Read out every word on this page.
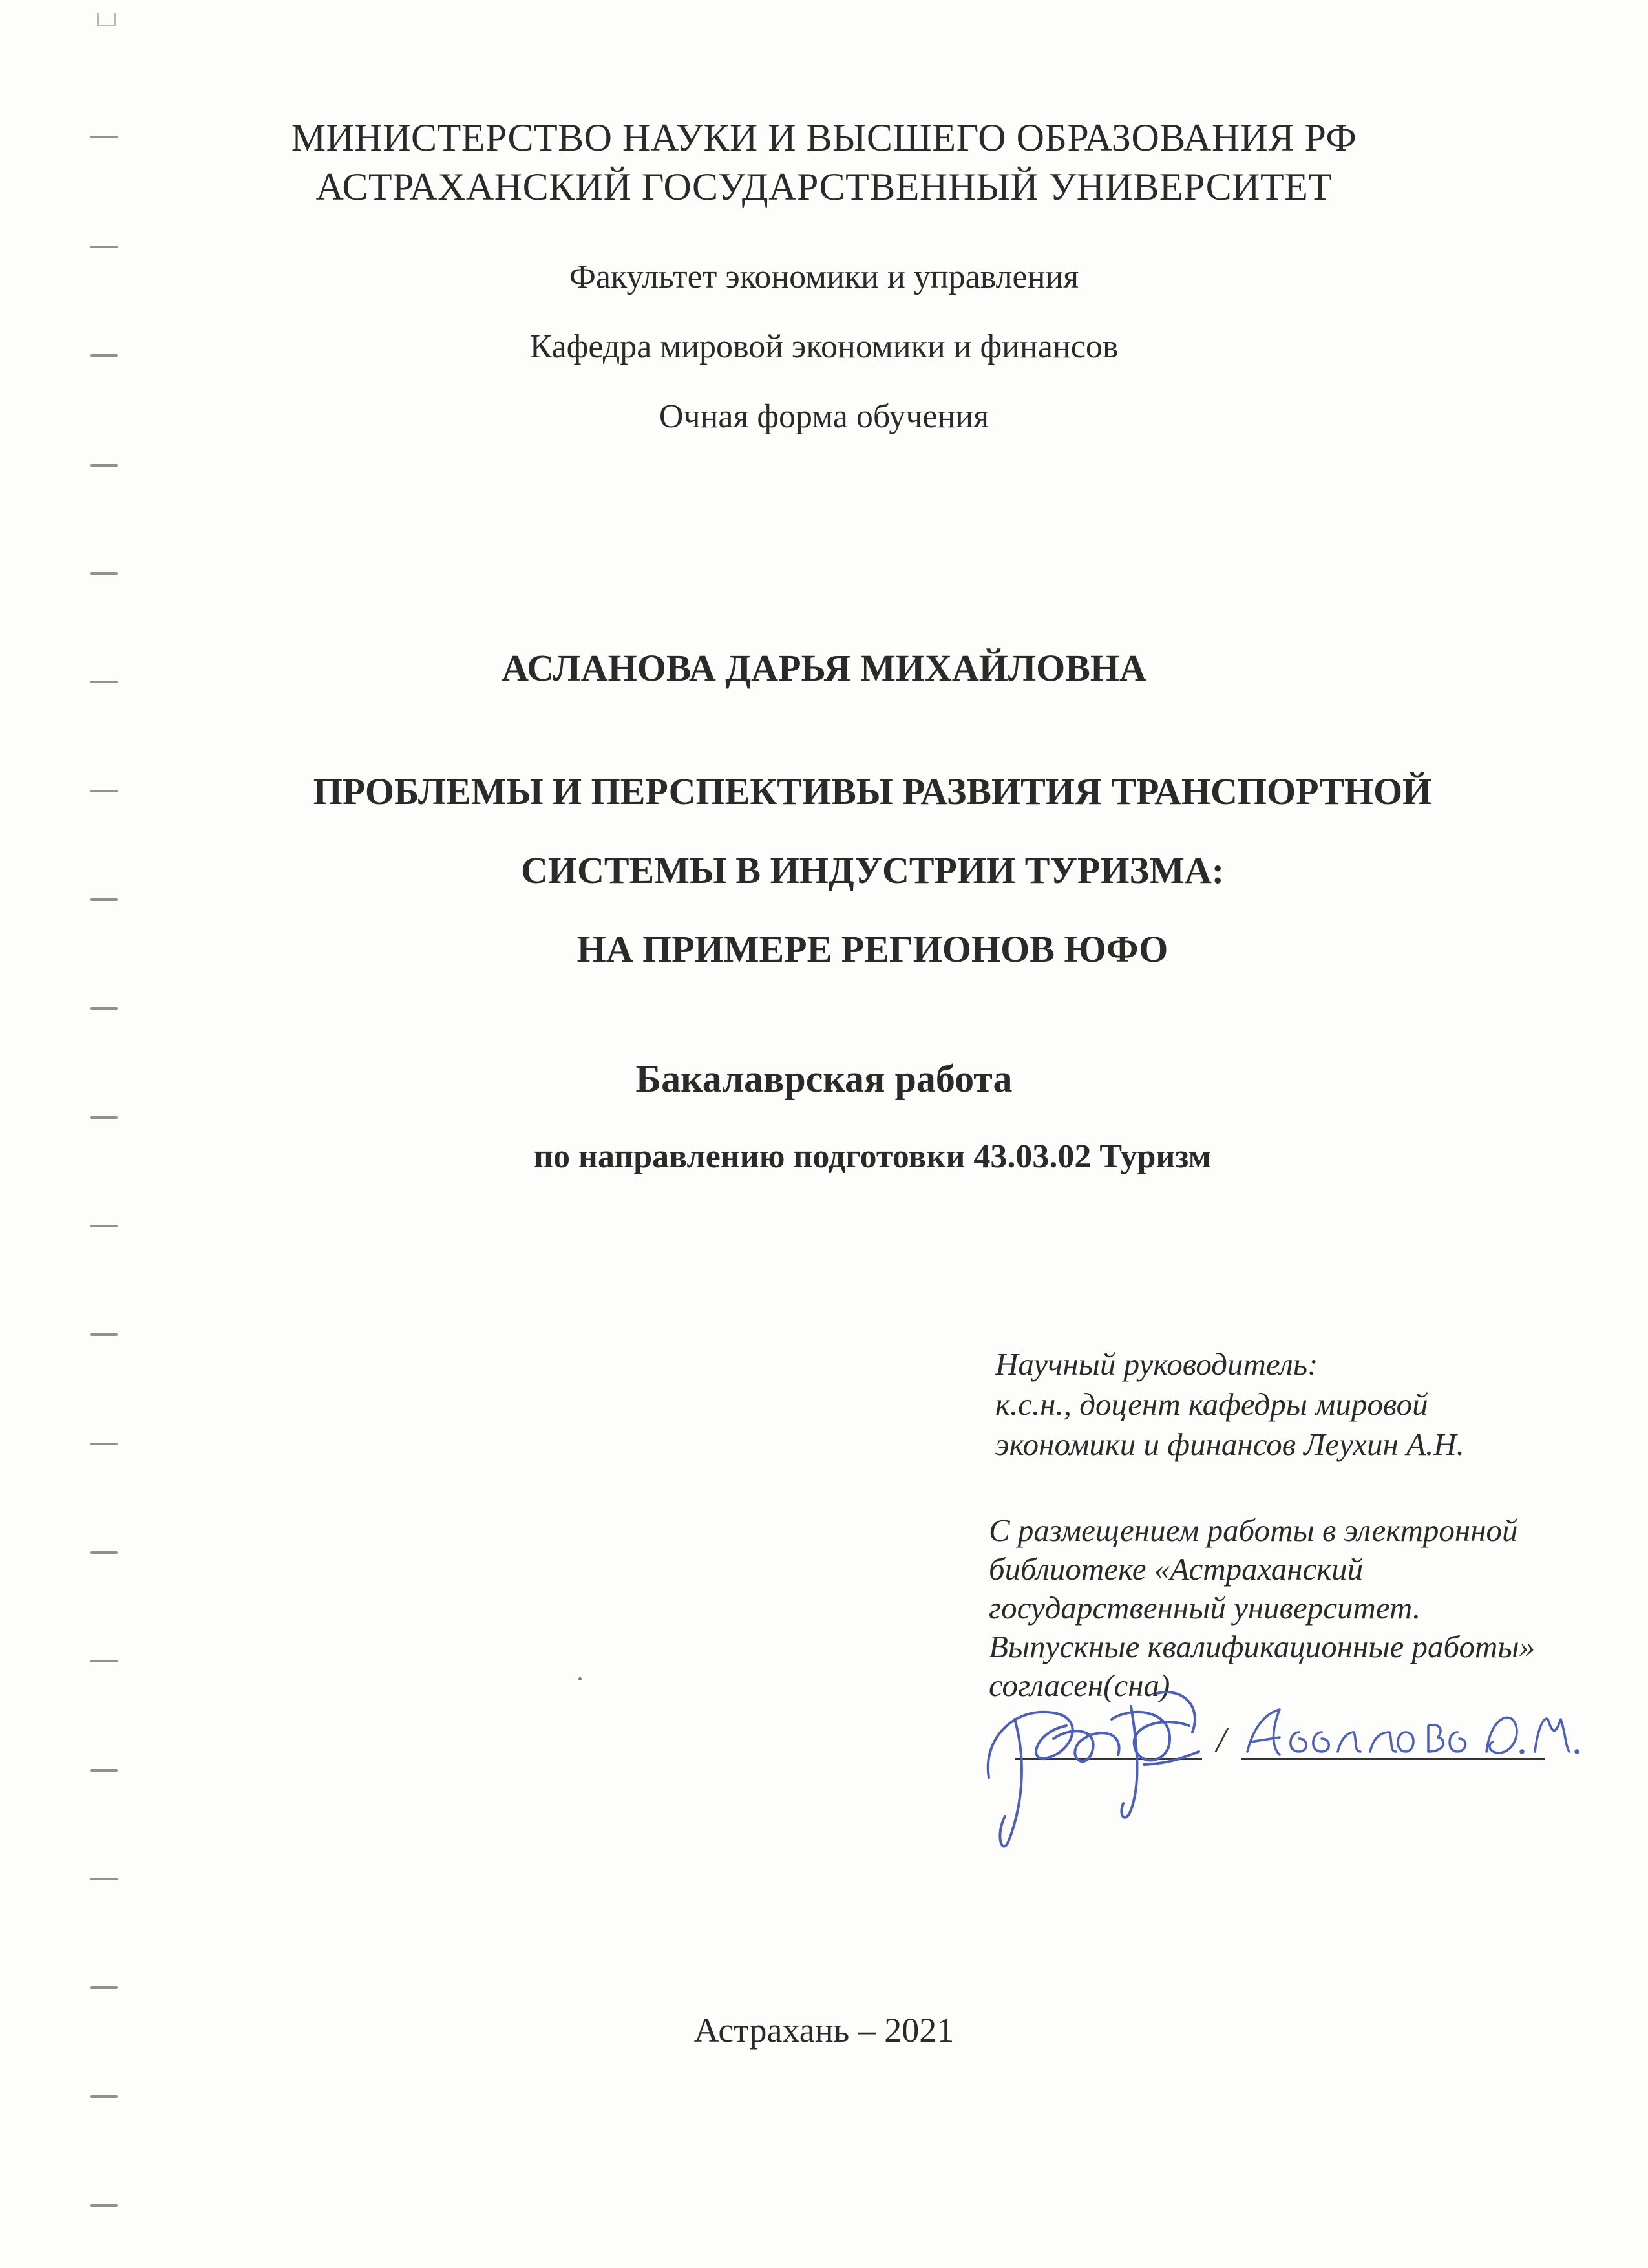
МИНИСТЕРСТВО НАУКИ И ВЫСШЕГО ОБРАЗОВАНИЯ РФ
АСТРАХАНСКИЙ ГОСУДАРСТВЕННЫЙ УНИВЕРСИТЕТ
Факультет экономики и управления
Кафедра мировой экономики и финансов
Очная форма обучения
АСЛАНОВА ДАРЬЯ МИХАЙЛОВНА
ПРОБЛЕМЫ И ПЕРСПЕКТИВЫ РАЗВИТИЯ ТРАНСПОРТНОЙ
СИСТЕМЫ В ИНДУСТРИИ ТУРИЗМА:
НА ПРИМЕРЕ РЕГИОНОВ ЮФО
Бакалаврская работа
по направлению подготовки 43.03.02 Туризм
Научный руководитель:
к.с.н., доцент кафедры мировой
экономики и финансов Леухин А.Н.
С размещением работы в электронной
библиотеке «Астраханский
государственный университет.
Выпускные квалификационные работы»
согласен(сна)
/
Астрахань – 2021
